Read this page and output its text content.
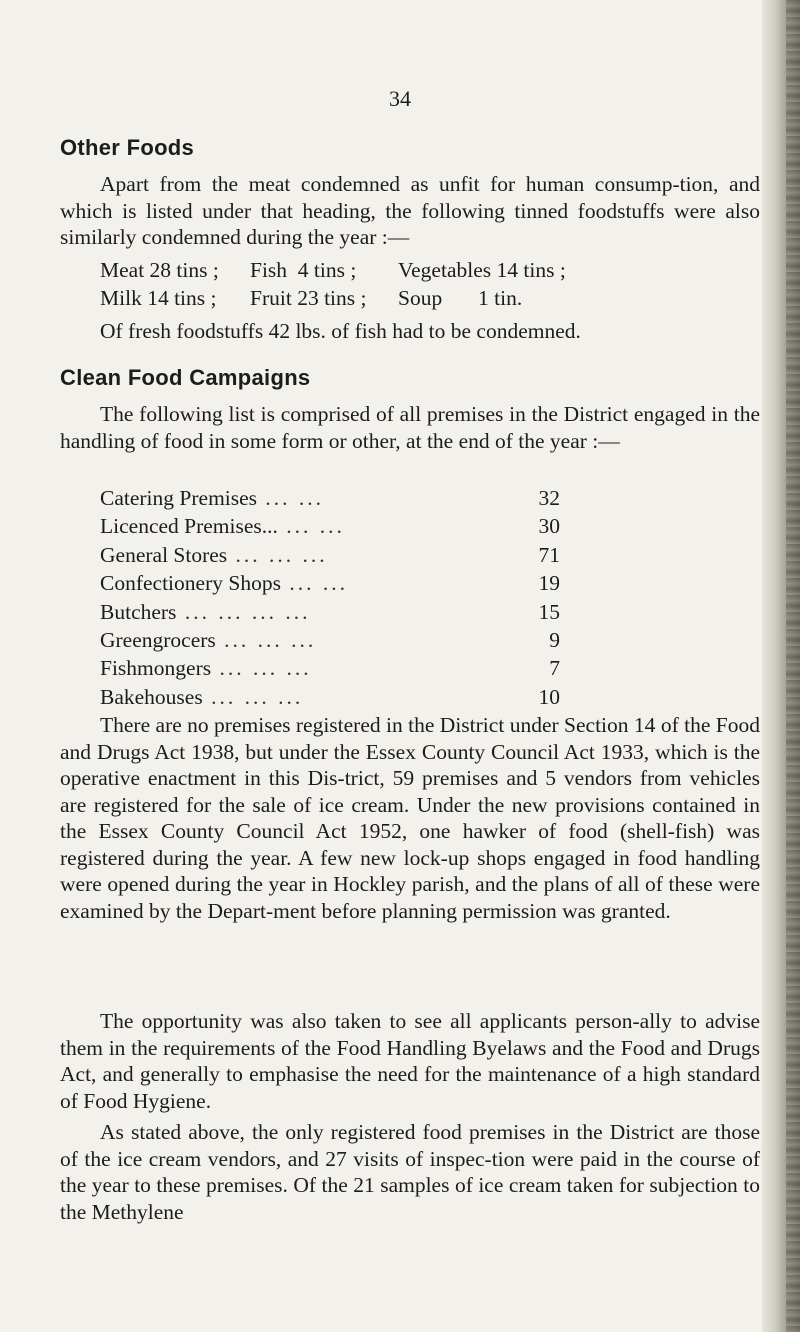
34
Other Foods

Apart from the meat condemned as unfit for human consump-tion, and which is listed under that heading, the following tinned foodstuffs were also similarly condemned during the year :—

Meat 28 tins ;	Fish  4 tins ;	Vegetables 14 tins ;
Milk 14 tins ;	Fruit 23 tins ;	Soup	1 tin.

Of fresh foodstuffs 42 lbs. of fish had to be condemned.

Clean Food Campaigns

The following list is comprised of all premises in the District engaged in the handling of food in some form or other, at the end of the year :—

Catering Premises ... ...	32
Licenced Premises... ... ...	30
General Stores ... ... ...	71
Confectionery Shops ... ...	19
Butchers ... ... ... ...	15
Greengrocers ... ... ...	9
Fishmongers ... ... ...	7
Bakehouses ... ... ...	10

There are no premises registered in the District under Section 14 of the Food and Drugs Act 1938, but under the Essex County Council Act 1933, which is the operative enactment in this Dis-trict, 59 premises and 5 vendors from vehicles are registered for the sale of ice cream. Under the new provisions contained in the Essex County Council Act 1952, one hawker of food (shell-fish) was registered during the year. A few new lock-up shops engaged in food handling were opened during the year in Hockley parish, and the plans of all of these were examined by the Depart-ment before planning permission was granted.

The opportunity was also taken to see all applicants person-ally to advise them in the requirements of the Food Handling Byelaws and the Food and Drugs Act, and generally to emphasise the need for the maintenance of a high standard of Food Hygiene.

As stated above, the only registered food premises in the District are those of the ice cream vendors, and 27 visits of inspec-tion were paid in the course of the year to these premises. Of the 21 samples of ice cream taken for subjection to the Methylene
